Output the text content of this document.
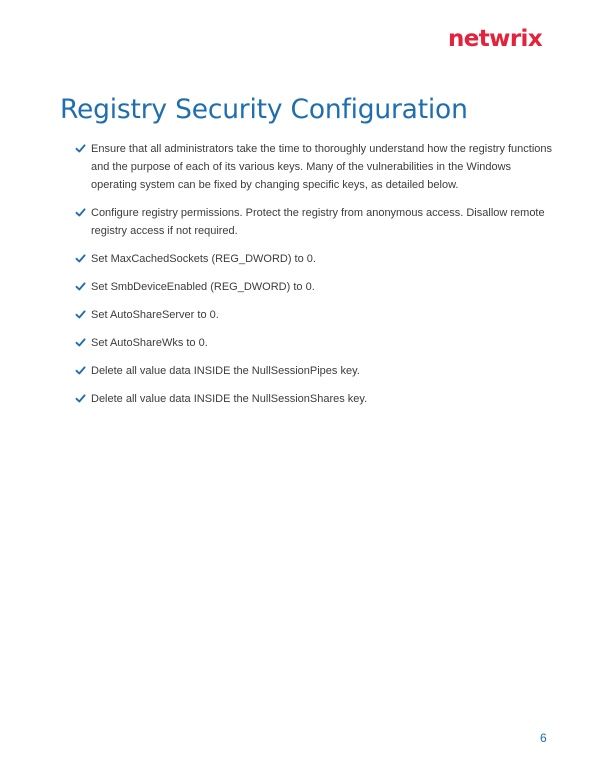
netwrix
Registry Security Configuration
Ensure that all administrators take the time to thoroughly understand how the registry functions and the purpose of each of its various keys. Many of the vulnerabilities in the Windows operating system can be fixed by changing specific keys, as detailed below.
Configure registry permissions. Protect the registry from anonymous access. Disallow remote registry access if not required.
Set MaxCachedSockets (REG_DWORD) to 0.
Set SmbDeviceEnabled (REG_DWORD) to 0.
Set AutoShareServer to 0.
Set AutoShareWks to 0.
Delete all value data INSIDE the NullSessionPipes key.
Delete all value data INSIDE the NullSessionShares key.
6
